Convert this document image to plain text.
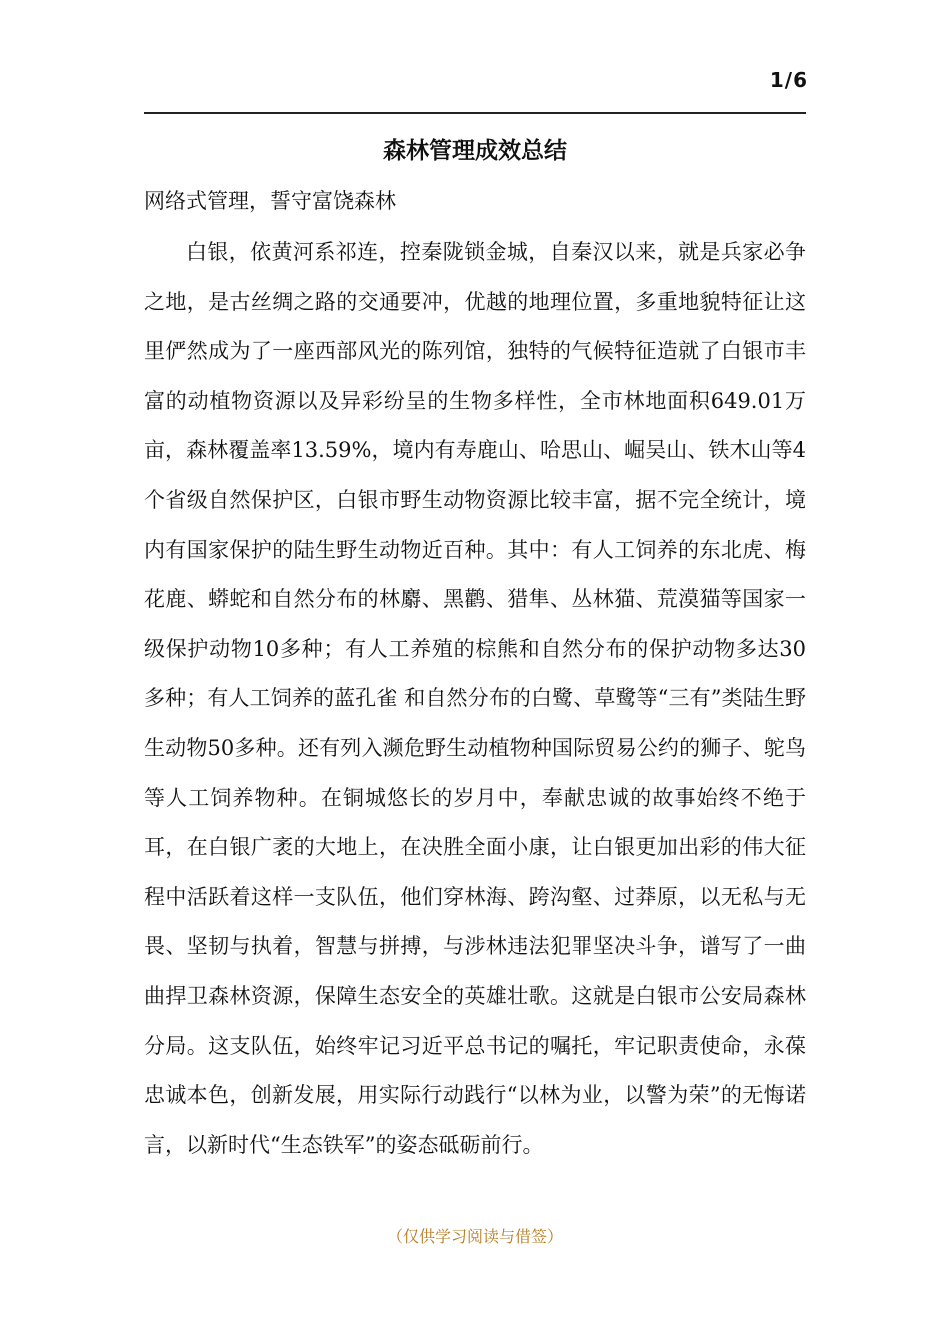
1/6
森林管理成效总结
网络式管理，誓守富饶森林

白银，依黄河系祁连，控秦陇锁金城，自秦汉以来，就是兵家必争之地，是古丝绸之路的交通要冲，优越的地理位置，多重地貌特征让这里俨然成为了一座西部风光的陈列馆，独特的气候特征造就了白银市丰富的动植物资源以及异彩纷呈的生物多样性，全市林地面积649.01万亩，森林覆盖率13.59%，境内有寿鹿山、哈思山、崛吴山、铁木山等4个省级自然保护区，白银市野生动物资源比较丰富，据不完全统计，境内有国家保护的陆生野生动物近百种。其中：有人工饲养的东北虎、梅花鹿、蟒蛇和自然分布的林麝、黑鹳、猎隼、丛林猫、荒漠猫等国家一级保护动物10多种；有人工养殖的棕熊和自然分布的保护动物多达30多种；有人工饲养的蓝孔雀 和自然分布的白鹭、草鹭等“三有”类陆生野生动物50多种。还有列入濒危野生动植物种国际贸易公约的狮子、鸵鸟等人工饲养物种。在铜城悠长的岁月中，奉献忠诚的故事始终不绝于耳，在白银广袤的大地上，在决胜全面小康，让白银更加出彩的伟大征程中活跃着这样一支队伍，他们穿林海、跨沟壑、过莽原，以无私与无畏、坚韧与执着，智慧与拼搏，与涉林违法犯罪坚决斗争，谱写了一曲曲捍卫森林资源，保障生态安全的英雄壮歌。这就是白银市公安局森林分局。这支队伍，始终牢记习近平总书记的嘱托，牢记职责使命，永葆忠诚本色，创新发展，用实际行动践行“以林为业，以警为荣”的无悔诺言，以新时代“生态铁军”的姿态砥砺前行。

（仅供学习阅读与借签）
